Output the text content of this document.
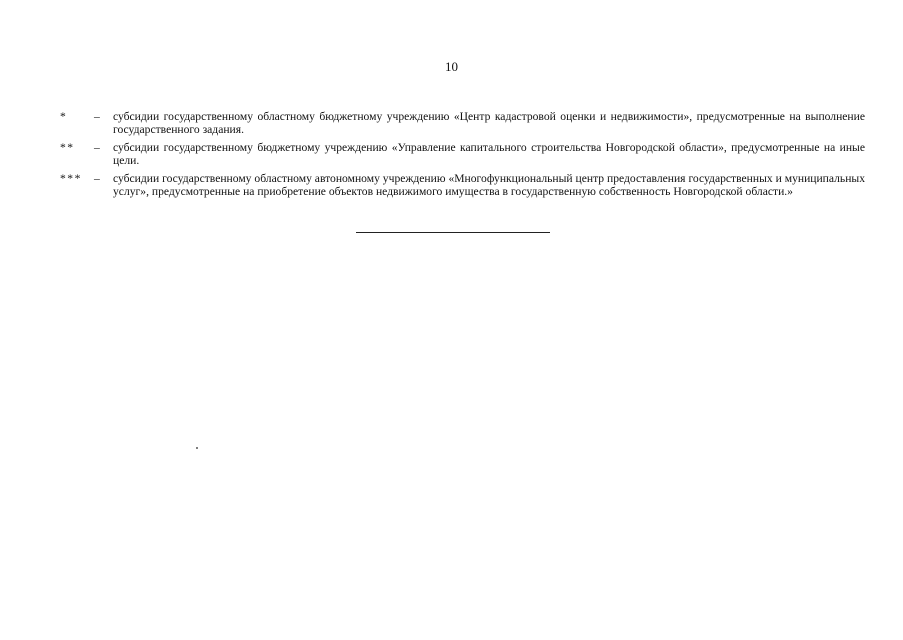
10
*	–	субсидии государственному областному бюджетному учреждению «Центр кадастровой оценки и недвижимости», предусмотренные на выполнение государственного задания.
**	–	субсидии государственному бюджетному учреждению «Управление капитального строительства Новгородской области», предусмотренные на иные цели.
***	–	субсидии государственному областному автономному учреждению «Многофункциональный центр предоставления государственных и муниципальных услуг», предусмотренные на приобретение объектов недвижимого имущества в государственную собственность Новгородской области.»
